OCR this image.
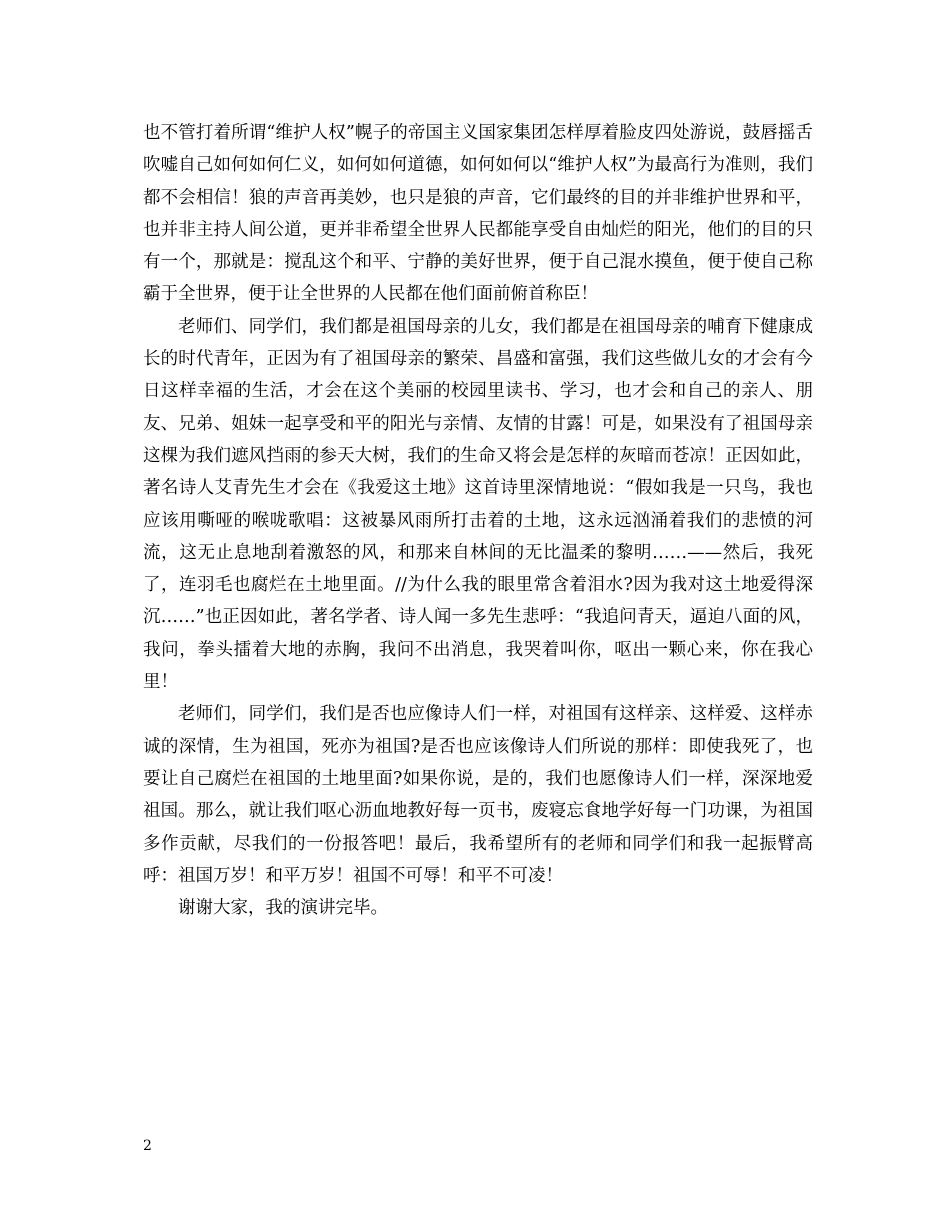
也不管打着所谓“维护人权”幌子的帝国主义国家集团怎样厚着脸皮四处游说，鼓唇摇舌吹嘘自己如何如何仁义，如何如何道德，如何如何以“维护人权”为最高行为准则，我们都不会相信！狼的声音再美妙，也只是狼的声音，它们最终的目的并非维护世界和平，也并非主持人间公道，更并非希望全世界人民都能享受自由灿烂的阳光，他们的目的只有一个，那就是：搅乱这个和平、宁静的美好世界，便于自己混水摸鱼，便于使自己称霸于全世界，便于让全世界的人民都在他们面前俯首称臣！

老师们、同学们，我们都是祖国母亲的儿女，我们都是在祖国母亲的哺育下健康成长的时代青年，正因为有了祖国母亲的繁荣、昌盛和富强，我们这些做儿女的才会有今日这样幸福的生活，才会在这个美丽的校园里读书、学习，也才会和自己的亲人、朋友、兄弟、姐妹一起享受和平的阳光与亲情、友情的甘露！可是，如果没有了祖国母亲这棵为我们遮风挡雨的参天大树，我们的生命又将会是怎样的灰暗而苍凉！正因如此，著名诗人艾青先生才会在《我爱这土地》这首诗里深情地说：“假如我是一只鸟，我也应该用嘶哑的喉咙歌唱：这被暴风雨所打击着的土地，这永远汹涌着我们的悲愤的河流，这无止息地刮着激怒的风，和那来自林间的无比温柔的黎明……——然后，我死了，连羽毛也腐烂在土地里面。//为什么我的眼里常含着泪水?因为我对这土地爱得深沉……”也正因如此，著名学者、诗人闻一多先生悲呼：“我追问青天，逼迫八面的风，我问，拳头擂着大地的赤胸，我问不出消息，我哭着叫你，呕出一颗心来，你在我心里！

老师们，同学们，我们是否也应像诗人们一样，对祖国有这样亲、这样爱、这样赤诚的深情，生为祖国，死亦为祖国?是否也应该像诗人们所说的那样：即使我死了，也要让自己腐烂在祖国的土地里面?如果你说，是的，我们也愿像诗人们一样，深深地爱祖国。那么，就让我们呕心沥血地教好每一页书，废寝忘食地学好每一门功课，为祖国多作贡献，尽我们的一份报答吧！最后，我希望所有的老师和同学们和我一起振臂高呼：祖国万岁！和平万岁！祖国不可辱！和平不可凌！

谢谢大家，我的演讲完毕。

2
